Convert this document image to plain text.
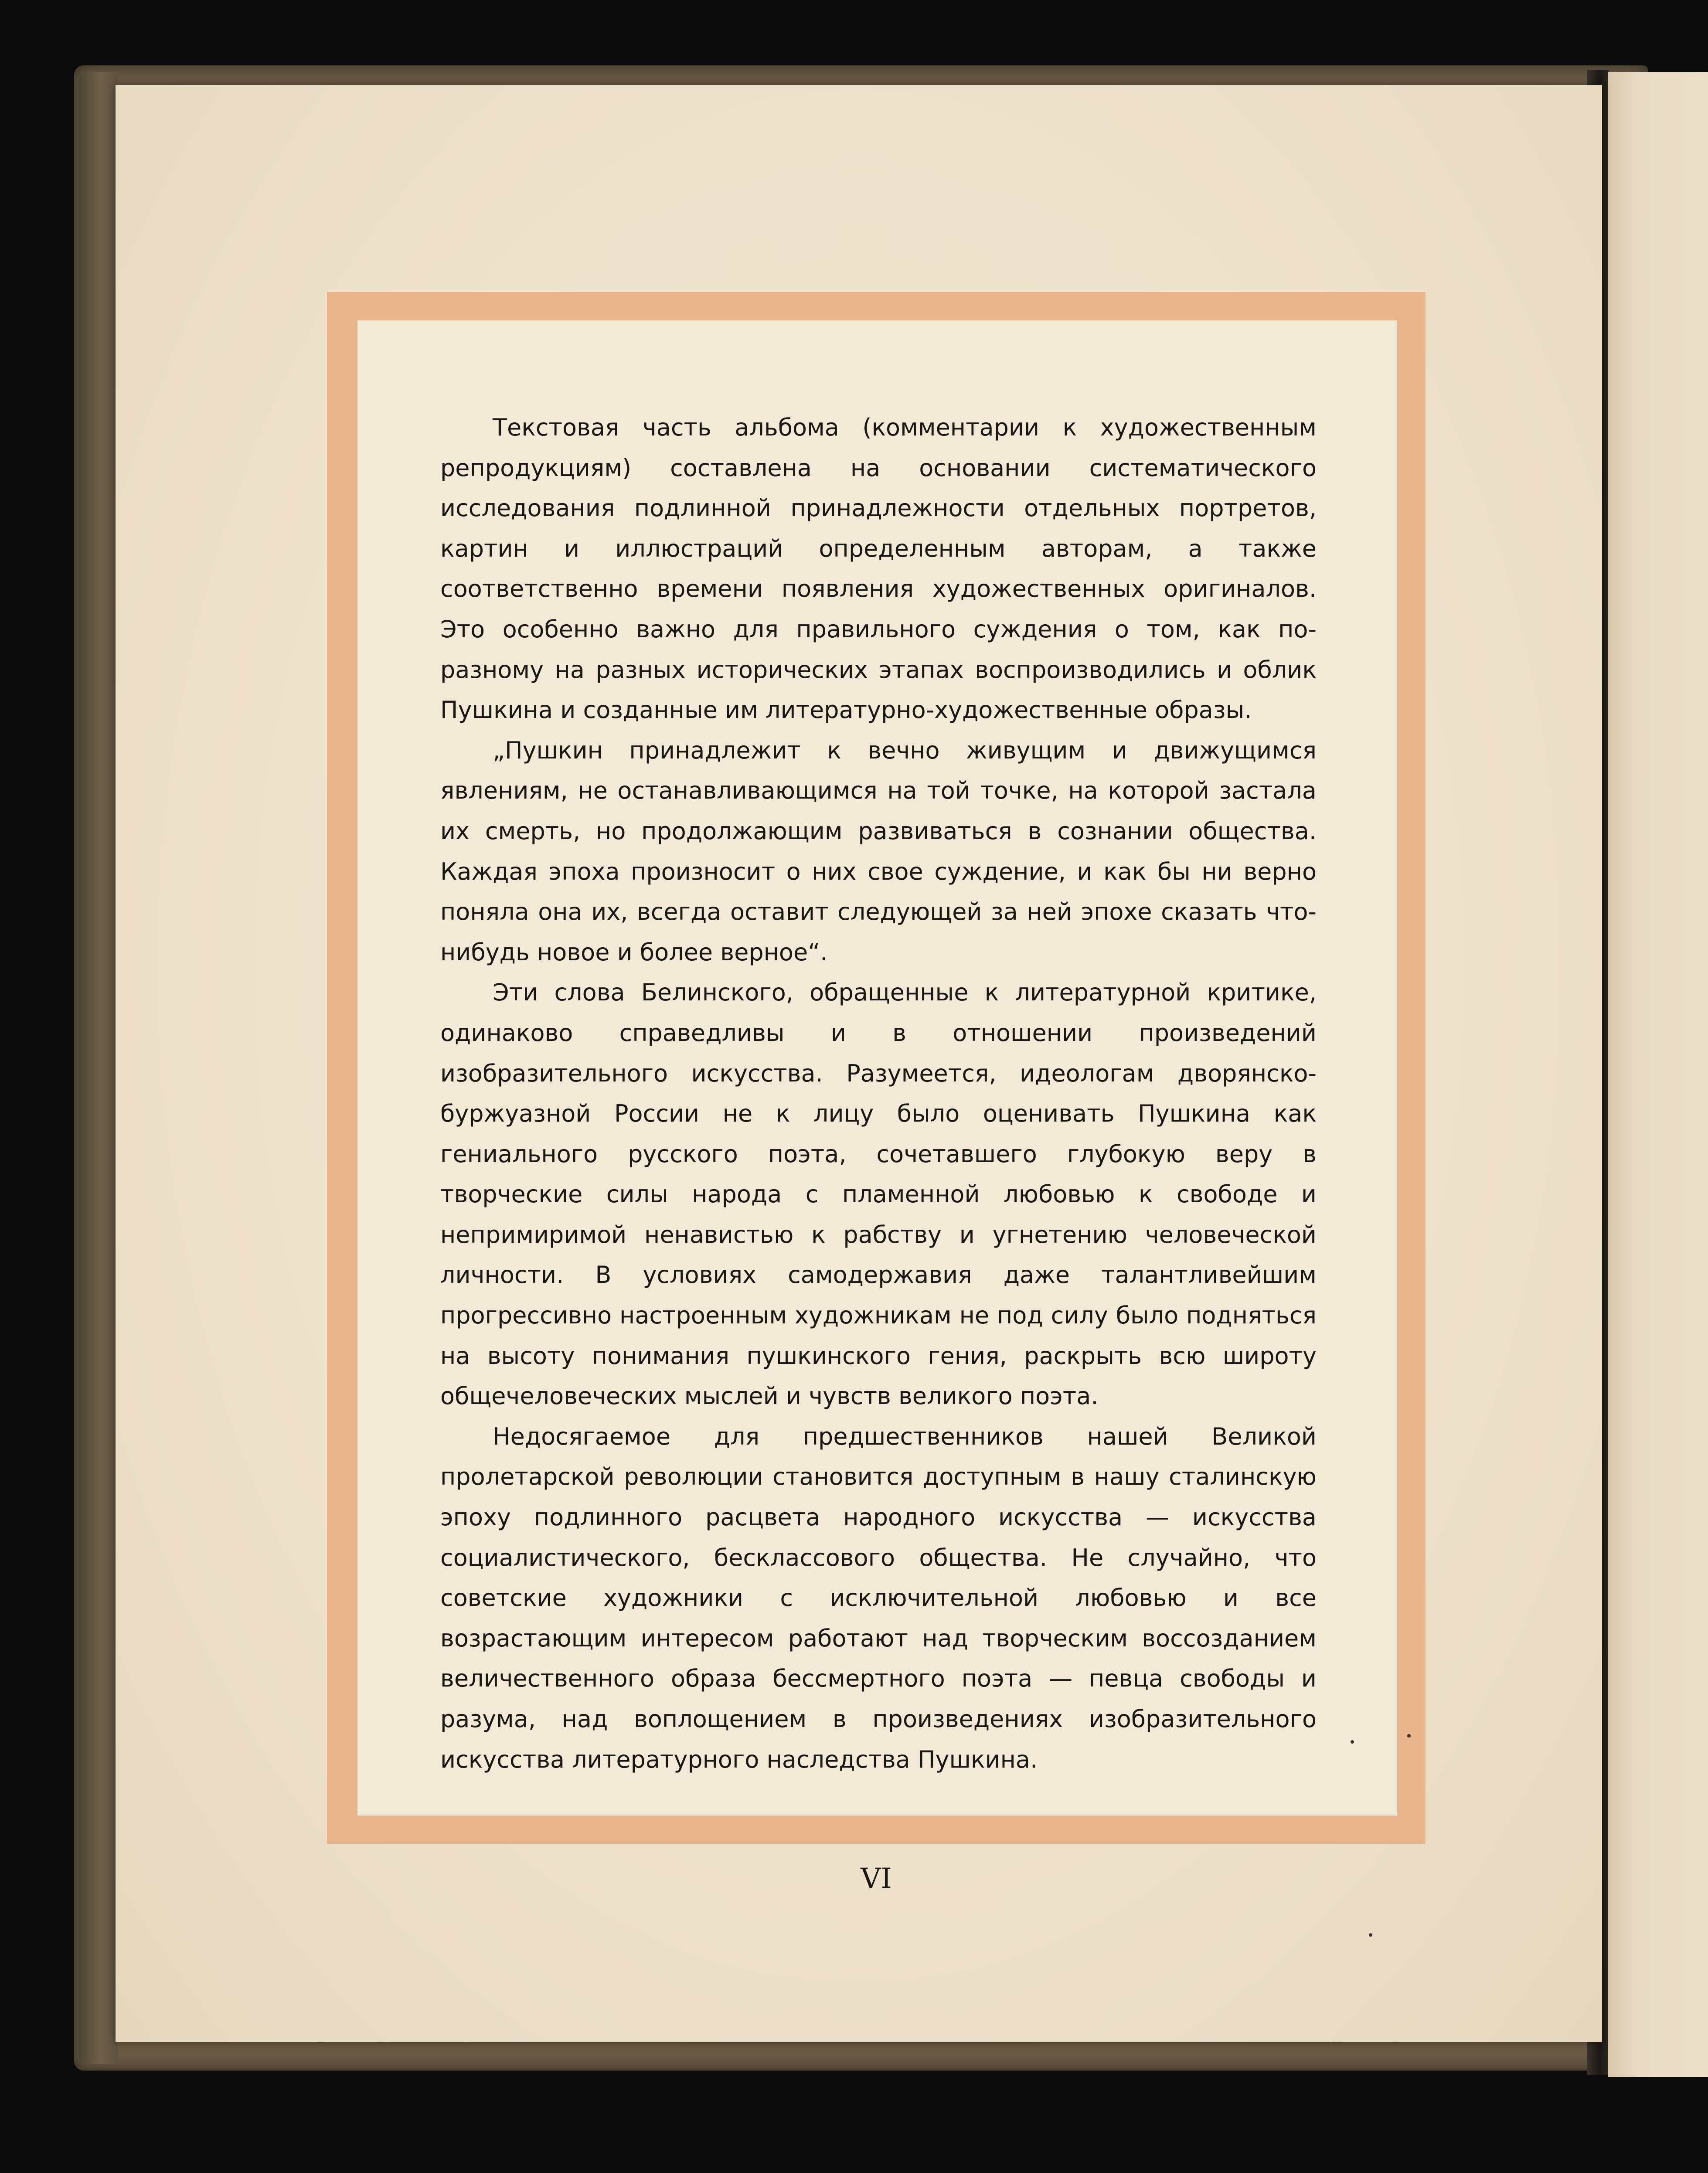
Текстовая часть альбома (комментарии к художественным репродукциям) составлена на основании систематического исследования подлинной принадлежности отдельных портретов, картин и иллюстраций определенным авторам, а также соответственно времени появления художественных оригиналов. Это особенно важно для правильного суждения о том, как по-разному на разных исторических этапах воспроизводились и облик Пушкина и созданные им литературно-художественные образы.

„Пушкин принадлежит к вечно живущим и движущимся явлениям, не останавливающимся на той точке, на которой застала их смерть, но продолжающим развиваться в сознании общества. Каждая эпоха произносит о них свое суждение, и как бы ни верно поняла она их, всегда оставит следующей за ней эпохе сказать что-нибудь новое и более верное“.

Эти слова Белинского, обращенные к литературной критике, одинаково справедливы и в отношении произведений изобразительного искусства. Разумеется, идеологам дворянско-буржуазной России не к лицу было оценивать Пушкина как гениального русского поэта, сочетавшего глубокую веру в творческие силы народа с пламенной любовью к свободе и непримиримой ненавистью к рабству и угнетению человеческой личности. В условиях самодержавия даже талантливейшим прогрессивно настроенным художникам не под силу было подняться на высоту понимания пушкинского гения, раскрыть всю широту общечеловеческих мыслей и чувств великого поэта.

Недосягаемое для предшественников нашей Великой пролетарской революции становится доступным в нашу сталинскую эпоху подлинного расцвета народного искусства — искусства социалистического, бесклассового общества. Не случайно, что советские художники с исключительной любовью и все возрастающим интересом работают над творческим воссозданием величественного образа бессмертного поэта — певца свободы и разума, над воплощением в произведениях изобразительного искусства литературного наследства Пушкина.

VI
